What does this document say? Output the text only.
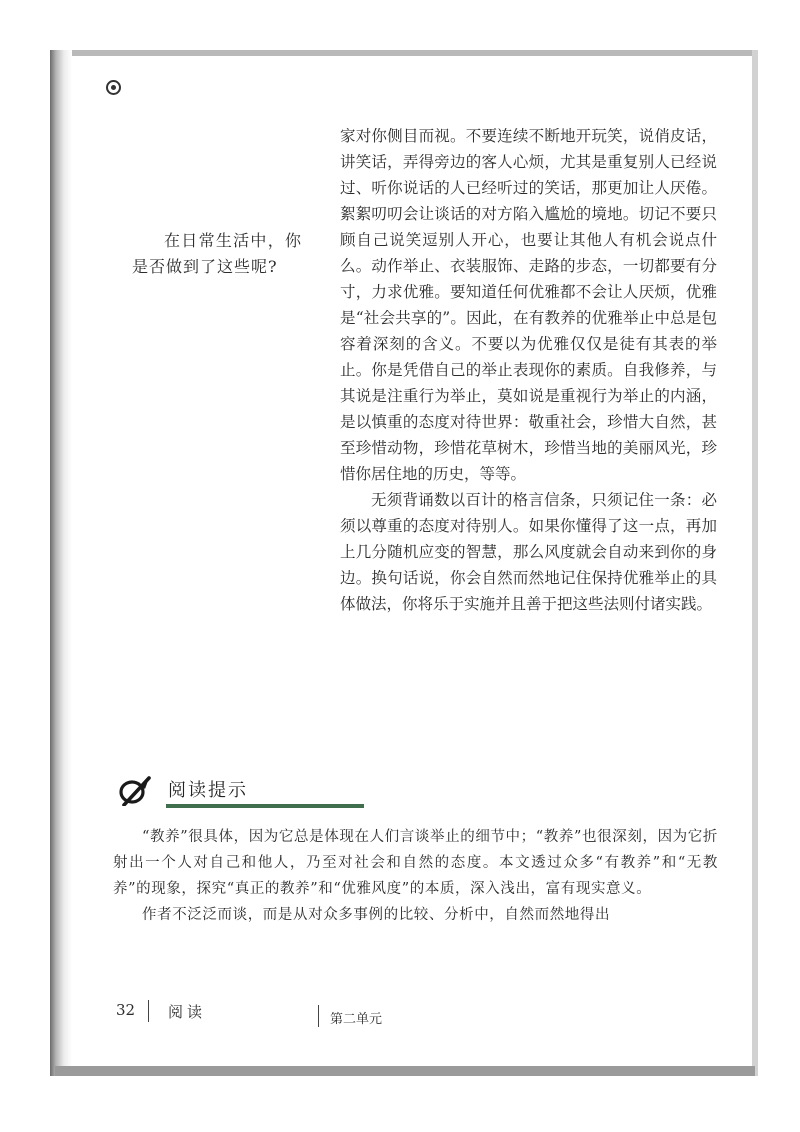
在日常生活中，你是否做到了这些呢?

家对你侧目而视。不要连续不断地开玩笑，说俏皮话，讲笑话，弄得旁边的客人心烦，尤其是重复别人已经说过、听你说话的人已经听过的笑话，那更加让人厌倦。絮絮叨叨会让谈话的对方陷入尴尬的境地。切记不要只顾自己说笑逗别人开心，也要让其他人有机会说点什么。动作举止、衣装服饰、走路的步态，一切都要有分寸，力求优雅。要知道任何优雅都不会让人厌烦，优雅是“社会共享的”。因此，在有教养的优雅举止中总是包容着深刻的含义。不要以为优雅仅仅是徒有其表的举止。你是凭借自己的举止表现你的素质。自我修养，与其说是注重行为举止，莫如说是重视行为举止的内涵，是以慎重的态度对待世界：敬重社会，珍惜大自然，甚至珍惜动物，珍惜花草树木，珍惜当地的美丽风光，珍惜你居住地的历史，等等。

无须背诵数以百计的格言信条，只须记住一条：必须以尊重的态度对待别人。如果你懂得了这一点，再加上几分随机应变的智慧，那么风度就会自动来到你的身边。换句话说，你会自然而然地记住保持优雅举止的具体做法，你将乐于实施并且善于把这些法则付诸实践。

阅读提示

“教养”很具体，因为它总是体现在人们言谈举止的细节中；“教养”也很深刻，因为它折射出一个人对自己和他人，乃至对社会和自然的态度。本文透过众多“有教养”和“无教养”的现象，探究“真正的教养”和“优雅风度”的本质，深入浅出，富有现实意义。

作者不泛泛而谈，而是从对众多事例的比较、分析中，自然而然地得出

32 阅读	第二单元
